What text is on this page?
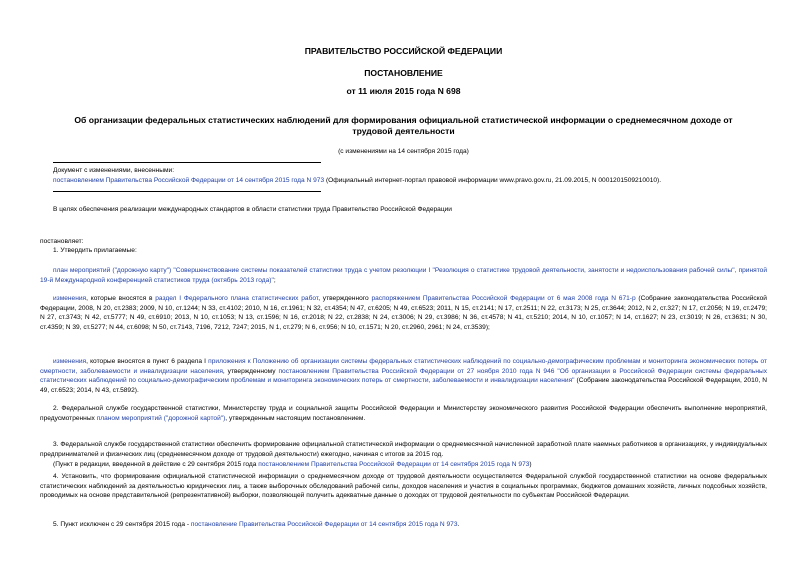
ПРАВИТЕЛЬСТВО РОССИЙСКОЙ ФЕДЕРАЦИИ
ПОСТАНОВЛЕНИЕ
от 11 июля 2015 года N 698
Об организации федеральных статистических наблюдений для формирования официальной статистической информации о среднемесячном доходе от трудовой деятельности
(с изменениями на 14 сентября 2015 года)
Документ с изменениями, внесенными:
постановлением Правительства Российской Федерации от 14 сентября 2015 года N 973 (Официальный интернет-портал правовой информации www.pravo.gov.ru, 21.09.2015, N 0001201509210010).
В целях обеспечения реализации международных стандартов в области статистики труда Правительство Российской Федерации
постановляет:
1. Утвердить прилагаемые:
план мероприятий ("дорожную карту") "Совершенствование системы показателей статистики труда с учетом резолюции I "Резолюция о статистике трудовой деятельности, занятости и недоиспользования рабочей силы", принятой 19-й Международной конференцией статистиков труда (октябрь 2013 года)";
изменения, которые вносятся в раздел I Федерального плана статистических работ, утвержденного распоряжением Правительства Российской Федерации от 6 мая 2008 года N 671-р (Собрание законодательства Российской Федерации, 2008, N 20, ст.2383; 2009, N 10, ст.1244; N 33, ст.4102; 2010, N 16, ст.1961; N 32, ст.4354; N 47, ст.6205; N 49, ст.6523; 2011, N 15, ст.2141; N 17, ст.2511; N 22, ст.3173; N 25, ст.3644; 2012, N 2, ст.327; N 17, ст.2056; N 19, ст.2479; N 27, ст.3743; N 42, ст.5777; N 49, ст.6910; 2013, N 10, ст.1053; N 13, ст.1596; N 16, ст.2018; N 22, ст.2838; N 24, ст.3006; N 29, ст.3986; N 36, ст.4578; N 41, ст.5210; 2014, N 10, ст.1057; N 14, ст.1627; N 23, ст.3019; N 26, ст.3631; N 30, ст.4359; N 39, ст.5277; N 44, ст.6098; N 50, ст.7143, 7196, 7212, 7247; 2015, N 1, ст.279; N 6, ст.956; N 10, ст.1571; N 20, ст.2960, 2961; N 24, ст.3539);
изменения, которые вносятся в пункт 6 раздела I приложения к Положению об организации системы федеральных статистических наблюдений по социально-демографическим проблемам и мониторинга экономических потерь от смертности, заболеваемости и инвалидизации населения, утвержденному постановлением Правительства Российской Федерации от 27 ноября 2010 года N 946 "Об организации в Российской Федерации системы федеральных статистических наблюдений по социально-демографическим проблемам и мониторинга экономических потерь от смертности, заболеваемости и инвалидизации населения" (Собрание законодательства Российской Федерации, 2010, N 49, ст.6523; 2014, N 43, ст.5892).
2. Федеральной службе государственной статистики, Министерству труда и социальной защиты Российской Федерации и Министерству экономического развития Российской Федерации обеспечить выполнение мероприятий, предусмотренных планом мероприятий ("дорожной картой"), утвержденным настоящим постановлением.
3. Федеральной службе государственной статистики обеспечить формирование официальной статистической информации о среднемесячной начисленной заработной плате наемных работников в организациях, у индивидуальных предпринимателей и физических лиц (среднемесячном доходе от трудовой деятельности) ежегодно, начиная с итогов за 2015 год.
(Пункт в редакции, введенной в действие с 29 сентября 2015 года постановлением Правительства Российской Федерации от 14 сентября 2015 года N 973)
4. Установить, что формирование официальной статистической информации о среднемесячном доходе от трудовой деятельности осуществляется Федеральной службой государственной статистики на основе федеральных статистических наблюдений за деятельностью юридических лиц, а также выборочных обследований рабочей силы, доходов населения и участия в социальных программах, бюджетов домашних хозяйств, личных подсобных хозяйств, проводимых на основе представительной (репрезентативной) выборки, позволяющей получить адекватные данные о доходах от трудовой деятельности по субъектам Российской Федерации.
5. Пункт исключен с 29 сентября 2015 года - постановление Правительства Российской Федерации от 14 сентября 2015 года N 973.
